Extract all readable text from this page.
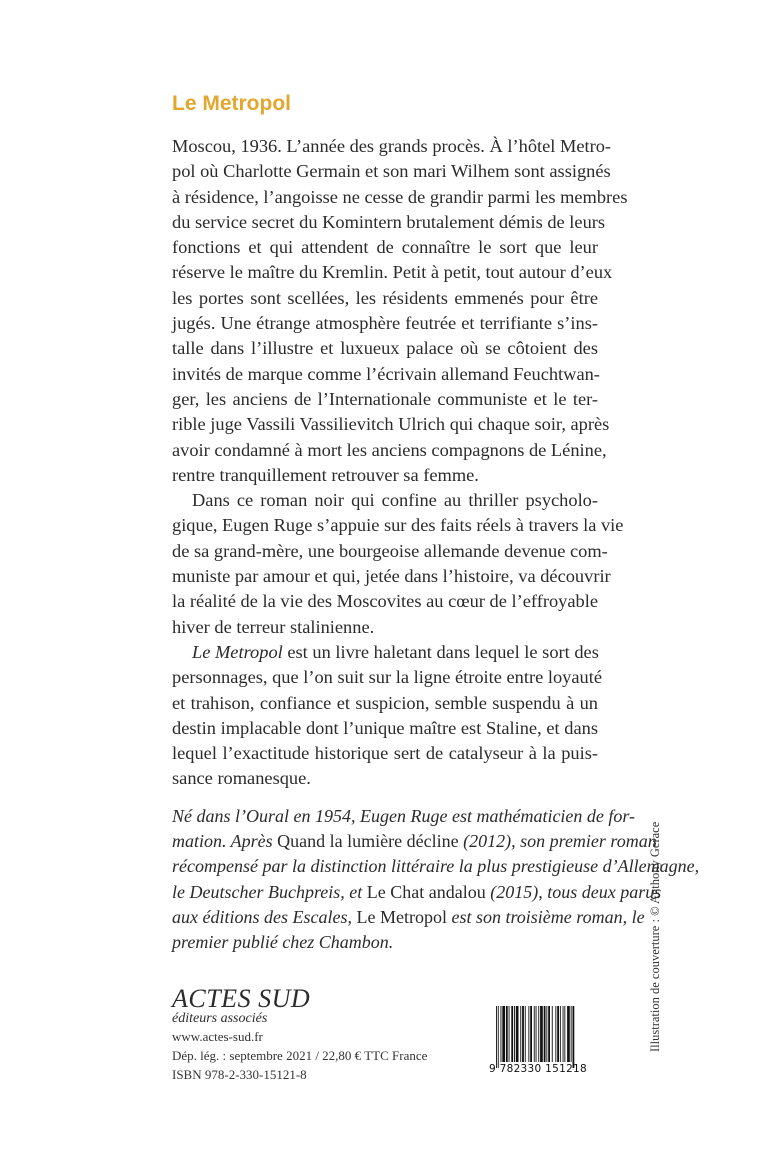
Le Metropol
Moscou, 1936. L’année des grands procès. À l’hôtel Metro-
pol où Charlotte Germain et son mari Wilhem sont assignés
à résidence, l’angoisse ne cesse de grandir parmi les membres
du service secret du Komintern brutalement démis de leurs
fonctions et qui attendent de connaître le sort que leur
réserve le maître du Kremlin. Petit à petit, tout autour d’eux
les portes sont scellées, les résidents emmenés pour être
jugés. Une étrange atmosphère feutrée et terrifiante s’ins-
talle dans l’illustre et luxueux palace où se côtoient des
invités de marque comme l’écrivain allemand Feuchtwan-
ger, les anciens de l’Internationale communiste et le ter-
rible juge Vassili Vassilievitch Ulrich qui chaque soir, après
avoir condamné à mort les anciens compagnons de Lénine,
rentre tranquillement retrouver sa femme.
Dans ce roman noir qui confine au thriller psycholo-
gique, Eugen Ruge s’appuie sur des faits réels à travers la vie
de sa grand-mère, une bourgeoise allemande devenue com-
muniste par amour et qui, jetée dans l’histoire, va découvrir
la réalité de la vie des Moscovites au cœur de l’effroyable
hiver de terreur stalinienne.
Le Metropol est un livre haletant dans lequel le sort des
personnages, que l’on suit sur la ligne étroite entre loyauté
et trahison, confiance et suspicion, semble suspendu à un
destin implacable dont l’unique maître est Staline, et dans
lequel l’exactitude historique sert de catalyseur à la puis-
sance romanesque.
Né dans l’Oural en 1954, Eugen Ruge est mathématicien de for-
mation. Après Quand la lumière décline (2012), son premier roman
récompensé par la distinction littéraire la plus prestigieuse d’Allemagne,
le Deutscher Buchpreis, et Le Chat andalou (2015), tous deux parus
aux éditions des Escales, Le Metropol est son troisième roman, le
premier publié chez Chambon.
ACTES SUD
éditeurs associés
www.actes-sud.fr
Dép. lég. : septembre 2021 / 22,80 € TTC France
ISBN 978-2-330-15121-8	9 782330 151218
Illustration de couverture : © Anthony Gerace
